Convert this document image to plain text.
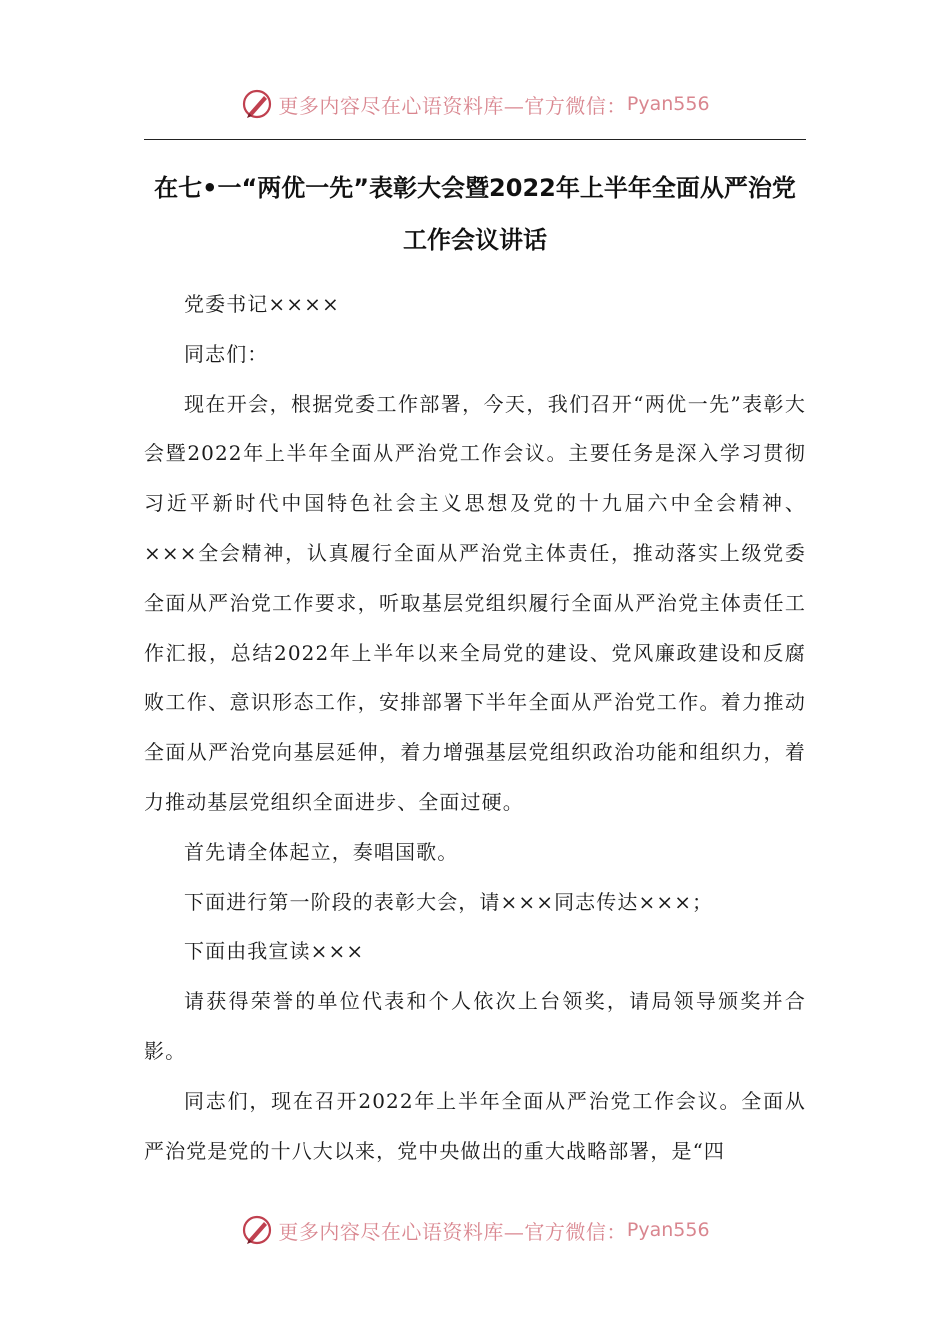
更多内容尽在心语资料库—官方微信： Pyan556
在七•一“两优一先”表彰大会暨2022年上半年全面从严治党工作会议讲话

党委书记××××

同志们：

现在开会，根据党委工作部署，今天，我们召开“两优一先”表彰大会暨2022年上半年全面从严治党工作会议。主要任务是深入学习贯彻习近平新时代中国特色社会主义思想及党的十九届六中全会精神、×××全会精神，认真履行全面从严治党主体责任，推动落实上级党委全面从严治党工作要求，听取基层党组织履行全面从严治党主体责任工作汇报，总结2022年上半年以来全局党的建设、党风廉政建设和反腐败工作、意识形态工作，安排部署下半年全面从严治党工作。着力推动全面从严治党向基层延伸，着力增强基层党组织政治功能和组织力，着力推动基层党组织全面进步、全面过硬。

首先请全体起立，奏唱国歌。

下面进行第一阶段的表彰大会，请×××同志传达×××；

下面由我宣读×××

请获得荣誉的单位代表和个人依次上台领奖，请局领导颁奖并合影。

同志们，现在召开2022年上半年全面从严治党工作会议。全面从严治党是党的十八大以来，党中央做出的重大战略部署，是“四

更多内容尽在心语资料库—官方微信： Pyan556
